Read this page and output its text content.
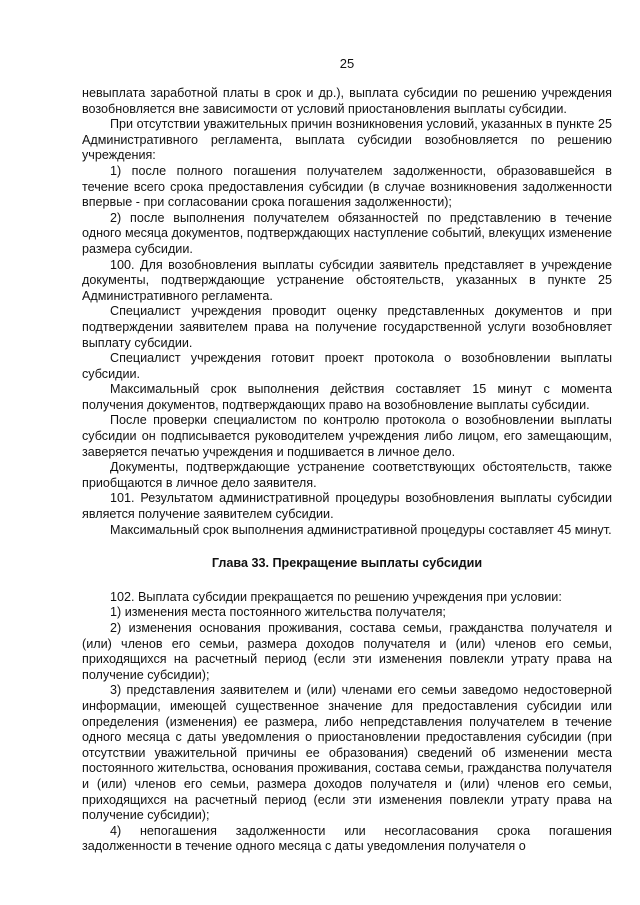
25

невыплата заработной платы в срок и др.), выплата субсидии по решению учреждения возобновляется вне зависимости от условий приостановления выплаты субсидии.

При отсутствии уважительных причин возникновения условий, указанных в пункте 25 Административного регламента, выплата субсидии возобновляется по решению учреждения:

1) после полного погашения получателем задолженности, образовавшейся в течение всего срока предоставления субсидии (в случае возникновения задолженности впервые - при согласовании срока погашения задолженности);

2) после выполнения получателем обязанностей по представлению в течение одного месяца документов, подтверждающих наступление событий, влекущих изменение размера субсидии.

100. Для возобновления выплаты субсидии заявитель представляет в учреждение документы, подтверждающие устранение обстоятельств, указанных в пункте 25 Административного регламента.

Специалист учреждения проводит оценку представленных документов и при подтверждении заявителем права на получение государственной услуги возобновляет выплату субсидии.

Специалист учреждения готовит проект протокола о возобновлении выплаты субсидии.

Максимальный срок выполнения действия составляет 15 минут с момента получения документов, подтверждающих право на возобновление выплаты субсидии.

После проверки специалистом по контролю протокола о возобновлении выплаты субсидии он подписывается руководителем учреждения либо лицом, его замещающим, заверяется печатью учреждения и подшивается в личное дело.

Документы, подтверждающие устранение соответствующих обстоятельств, также приобщаются в личное дело заявителя.

101. Результатом административной процедуры возобновления выплаты субсидии является получение заявителем субсидии.

Максимальный срок выполнения административной процедуры составляет 45 минут.

Глава 33. Прекращение выплаты субсидии

102. Выплата субсидии прекращается по решению учреждения при условии:

1) изменения места постоянного жительства получателя;

2) изменения основания проживания, состава семьи, гражданства получателя и (или) членов его семьи, размера доходов получателя и (или) членов его семьи, приходящихся на расчетный период (если эти изменения повлекли утрату права на получение субсидии);

3) представления заявителем и (или) членами его семьи заведомо недостоверной информации, имеющей существенное значение для предоставления субсидии или определения (изменения) ее размера, либо непредставления получателем в течение одного месяца с даты уведомления о приостановлении предоставления субсидии (при отсутствии уважительной причины ее образования) сведений об изменении места постоянного жительства, основания проживания, состава семьи, гражданства получателя и (или) членов его семьи, размера доходов получателя и (или) членов его семьи, приходящихся на расчетный период (если эти изменения повлекли утрату права на получение субсидии);

4) непогашения задолженности или несогласования срока погашения задолженности в течение одного месяца с даты уведомления получателя о
